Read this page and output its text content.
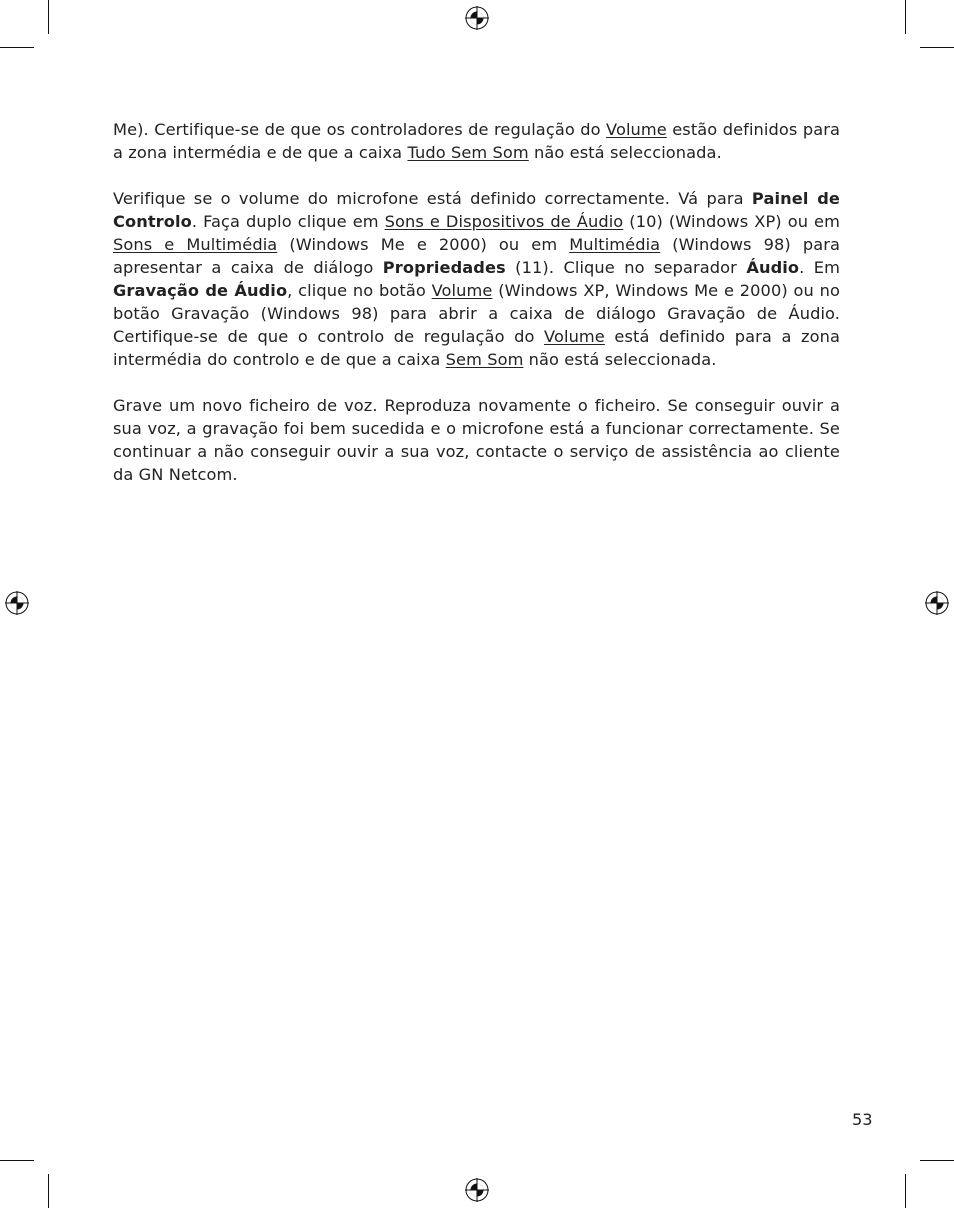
Me). Certifique-se de que os controladores de regulação do Volume estão definidos para a zona intermédia e de que a caixa Tudo Sem Som não está seleccionada.

Verifique se o volume do microfone está definido correctamente. Vá para Painel de Controlo. Faça duplo clique em Sons e Dispositivos de Áudio (10) (Windows XP) ou em Sons e Multimédia (Windows Me e 2000) ou em Multimédia (Windows 98) para apresentar a caixa de diálogo Propriedades (11). Clique no separador Áudio. Em Gravação de Áudio, clique no botão Volume (Windows XP, Windows Me e 2000) ou no botão Gravação (Windows 98) para abrir a caixa de diálogo Gravação de Áudio. Certifique-se de que o controlo de regulação do Volume está definido para a zona intermédia do controlo e de que a caixa Sem Som não está seleccionada.

Grave um novo ficheiro de voz. Reproduza novamente o ficheiro. Se conseguir ouvir a sua voz, a gravação foi bem sucedida e o microfone está a funcionar correctamente. Se continuar a não conseguir ouvir a sua voz, contacte o serviço de assistência ao cliente da GN Netcom.

53
